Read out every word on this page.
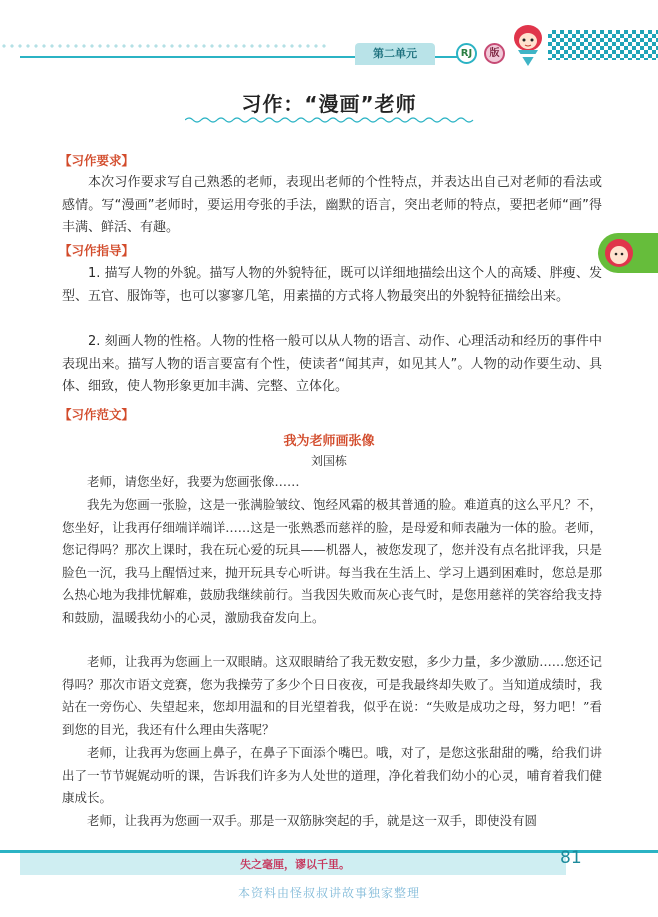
第二单元	RJ	版
习作：“漫画”老师
【习作要求】
本次习作要求写自己熟悉的老师，表现出老师的个性特点，并表达出自己对老师的看法或感情。写“漫画”老师时，要运用夸张的手法，幽默的语言，突出老师的特点，要把老师“画”得丰满、鲜活、有趣。
【习作指导】
1. 描写人物的外貌。描写人物的外貌特征，既可以详细地描绘出这个人的高矮、胖瘦、发型、五官、服饰等，也可以寥寥几笔，用素描的方式将人物最突出的外貌特征描绘出来。
2. 刻画人物的性格。人物的性格一般可以从人物的语言、动作、心理活动和经历的事件中表现出来。描写人物的语言要富有个性，使读者“闻其声，如见其人”。人物的动作要生动、具体、细致，使人物形象更加丰满、完整、立体化。
【习作范文】
我为老师画张像
刘国栋
老师，请您坐好，我要为您画张像……
我先为您画一张脸，这是一张满脸皱纹、饱经风霜的极其普通的脸。难道真的这么平凡？不，您坐好，让我再仔细端详端详……这是一张熟悉而慈祥的脸，是母爱和师表融为一体的脸。老师，您记得吗？那次上课时，我在玩心爱的玩具——机器人，被您发现了，您并没有点名批评我，只是脸色一沉，我马上醒悟过来，抛开玩具专心听讲。每当我在生活上、学习上遇到困难时，您总是那么热心地为我排忧解难，鼓励我继续前行。当我因失败而灰心丧气时，是您用慈祥的笑容给我支持和鼓励，温暖我幼小的心灵，激励我奋发向上。
老师，让我再为您画上一双眼睛。这双眼睛给了我无数安慰，多少力量，多少激励……您还记得吗？那次市语文竞赛，您为我操劳了多少个日日夜夜，可是我最终却失败了。当知道成绩时，我站在一旁伤心、失望起来，您却用温和的目光望着我，似乎在说：“失败是成功之母，努力吧！”看到您的目光，我还有什么理由失落呢？
老师，让我再为您画上鼻子，在鼻子下面添个嘴巴。哦，对了，是您这张甜甜的嘴，给我们讲出了一节节娓娓动听的课，告诉我们许多为人处世的道理，净化着我们幼小的心灵，哺育着我们健康成长。
老师，让我再为您画一双手。那是一双筋脉突起的手，就是这一双手，即使没有圆
失之毫厘，谬以千里。	81
本资料由怪叔叔讲故事独家整理
